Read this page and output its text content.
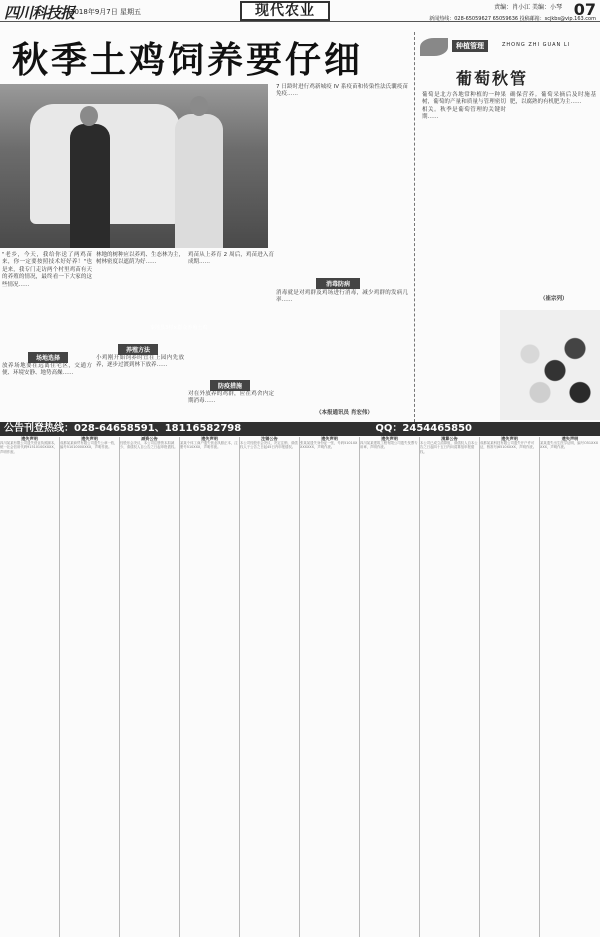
四川科技报
2018年9月7日 星期五	现代农业	责编：肖小江 美编：小琴 07
新闻热线：028-65059627 65059636 投稿邮箱：scjkbs@vip.163.com
秋季土鸡饲养要仔细
秦地县3村×群众养殖土鸡
"老乡，今天，我给你送了两鸡苗来，你一定要按照技术好好养！"也是来，我专门走访两个村里鸡苗有天的养殖的情况，最终看一下大家的这些情况……
场地选择
放养场地要在远离住宅区，交通方便、环境安静、地势高燥……
林地的树种应以养鸡、生态林为主，树林密度以遮荫为好……
养殖方法
小鸡刚开始饲养时宜在上园内先放养，逐步过渡到林下放养……
鸡苗从上养育 2 周后，鸡苗进入育成期……
防疫措施
对在外放养的鸡群，应在鸡舍内定期消毒……
7 日龄时进行鸡新城疫 IV 系疫苗和传染性法氏囊疫苗免疫……
消毒防病
消毒就是对鸡群及鸡场进行消毒，减少鸡群的发病几率……
（本报通讯员 肖宏伟）
种植管理	ZHONG ZHI GUAN LI
葡萄秋管
葡萄是北方各地常种植的一种果树，葡萄的产量和质量与管理密切相关。秋季是葡萄管理的关键时期……
确保营养。葡萄采摘后及时施基肥，以腐熟的有机肥为主……
（崔宗列）
公告刊登热线：028-64658591、18116582798	QQ：2454465850
遗失声明
四川某某有限公司遗失营业执照副本，统一社会信用代码91510100XXXX，声明作废。
遗失声明
成都某某商贸有限公司遗失公章一枚，编号5101000XXXX，声明作废。
减资公告
经股东会决议，本公司注册资本拟减少，请债权人自公告之日起申报债权。
遗失声明
某某个体工商户遗失营业执照正本，注册号510XXX，声明作废。
注销公告
本公司经股东会决议，决定注销，请债权人于公告之日起45日内申报债权。
遗失声明
张某某遗失身份证一张，号码5101XXXXXXXX，声明作废。
遗失声明
四川某某建筑工程有限公司遗失发票专用章，声明作废。
清算公告
本公司已成立清算组，请债权人自本公告之日起四十五日内向清算组申报债权。
遗失声明
成都某某科技有限公司遗失开户许可证，核准号J6510XXXX，声明作废。
遗失声明
某某遗失出生医学证明，编号O51XXXXXX，声明作废。
